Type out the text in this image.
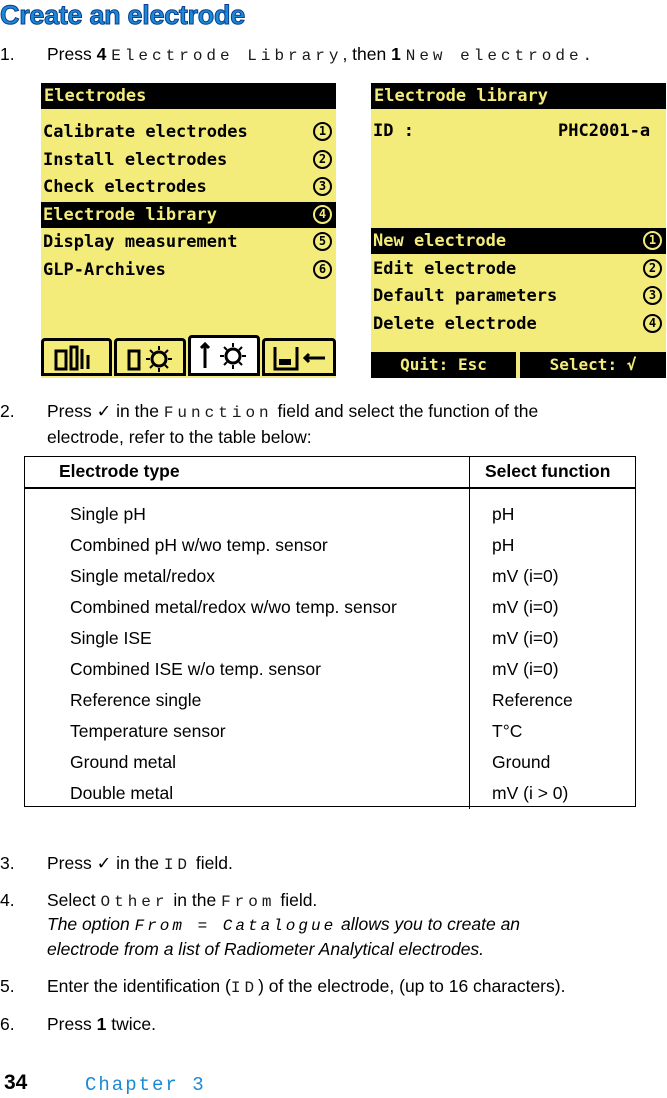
Create an electrode
1. Press 4 Electrode Library, then 1 New electrode.
Electrodes
Calibrate electrodes	1
Install electrodes	2
Check electrodes	3
Electrode library	4
Display measurement	5
GLP-Archives	6
Electrode library
ID :	PHC2001-a
New electrode	1
Edit electrode	2
Default parameters	3
Delete electrode	4
Quit: Esc	Select: √
2. Press ✓ in the Function field and select the function of the
electrode, refer to the table below:
Electrode type	Select function
Single pH	pH
Combined pH w/wo temp. sensor	pH
Single metal/redox	mV (i=0)
Combined metal/redox w/wo temp. sensor	mV (i=0)
Single ISE	mV (i=0)
Combined ISE w/o temp. sensor	mV (i=0)
Reference single	Reference
Temperature sensor	T°C
Ground metal	Ground
Double metal	mV (i > 0)
3. Press ✓ in the ID field.
4. Select Other in the From field.
The option From = Catalogue allows you to create an
electrode from a list of Radiometer Analytical electrodes.
5. Enter the identification (ID) of the electrode, (up to 16 characters).
6. Press 1 twice.
34	Chapter 3
